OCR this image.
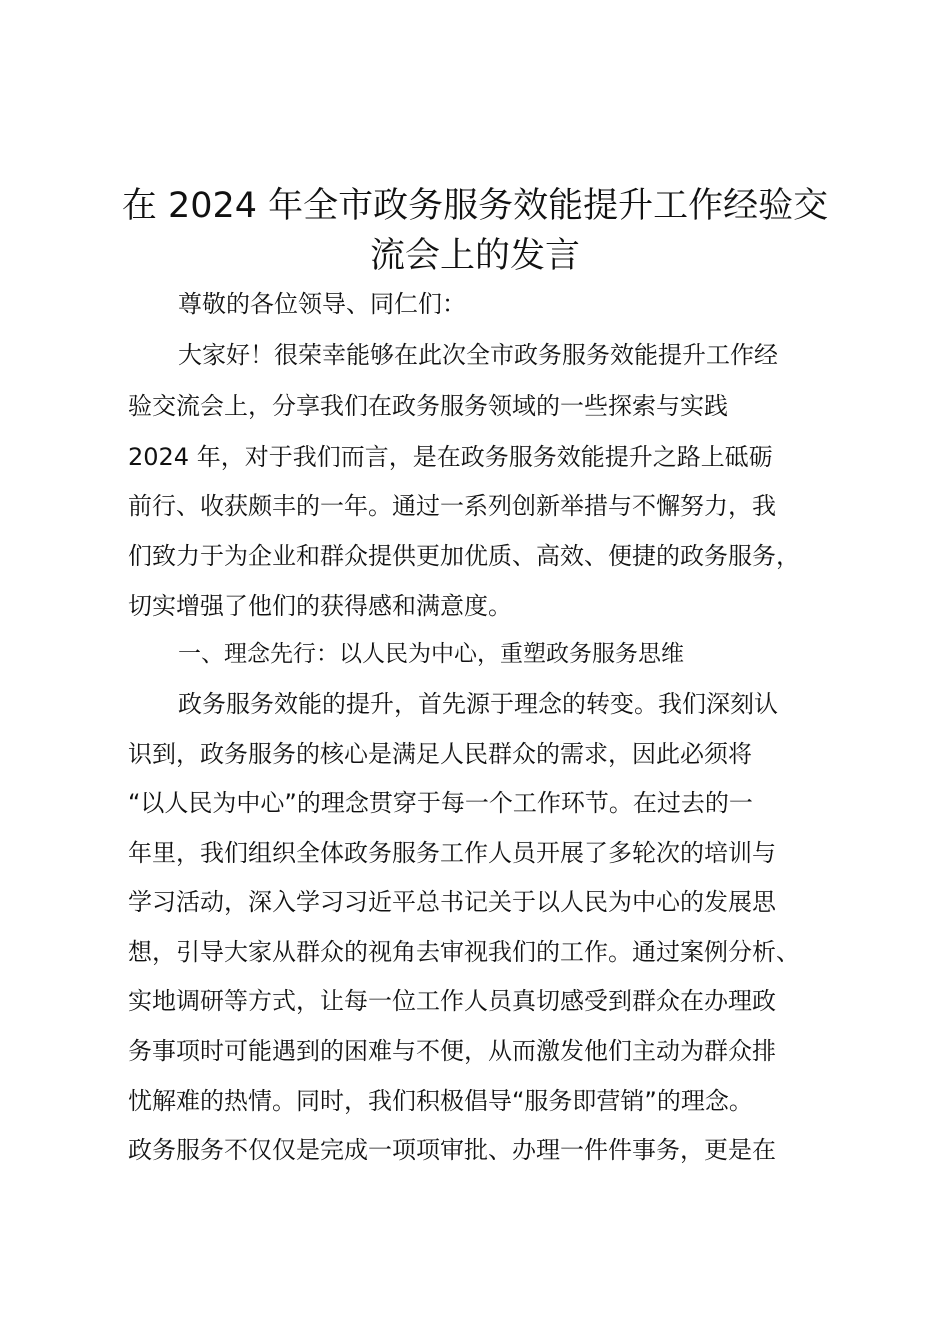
在 2024 年全市政务服务效能提升工作经验交
流会上的发言
尊敬的各位领导、同仁们：
大家好！很荣幸能够在此次全市政务服务效能提升工作经
验交流会上，分享我们在政务服务领域的一些探索与实践
2024 年，对于我们而言，是在政务服务效能提升之路上砥砺
前行、收获颇丰的一年。通过一系列创新举措与不懈努力，我
们致力于为企业和群众提供更加优质、高效、便捷的政务服务，
切实增强了他们的获得感和满意度。
一、理念先行：以人民为中心，重塑政务服务思维
政务服务效能的提升，首先源于理念的转变。我们深刻认
识到，政务服务的核心是满足人民群众的需求，因此必须将
“以人民为中心”的理念贯穿于每一个工作环节。在过去的一
年里，我们组织全体政务服务工作人员开展了多轮次的培训与
学习活动，深入学习习近平总书记关于以人民为中心的发展思
想，引导大家从群众的视角去审视我们的工作。通过案例分析、
实地调研等方式，让每一位工作人员真切感受到群众在办理政
务事项时可能遇到的困难与不便，从而激发他们主动为群众排
忧解难的热情。同时，我们积极倡导“服务即营销”的理念。
政务服务不仅仅是完成一项项审批、办理一件件事务，更是在
